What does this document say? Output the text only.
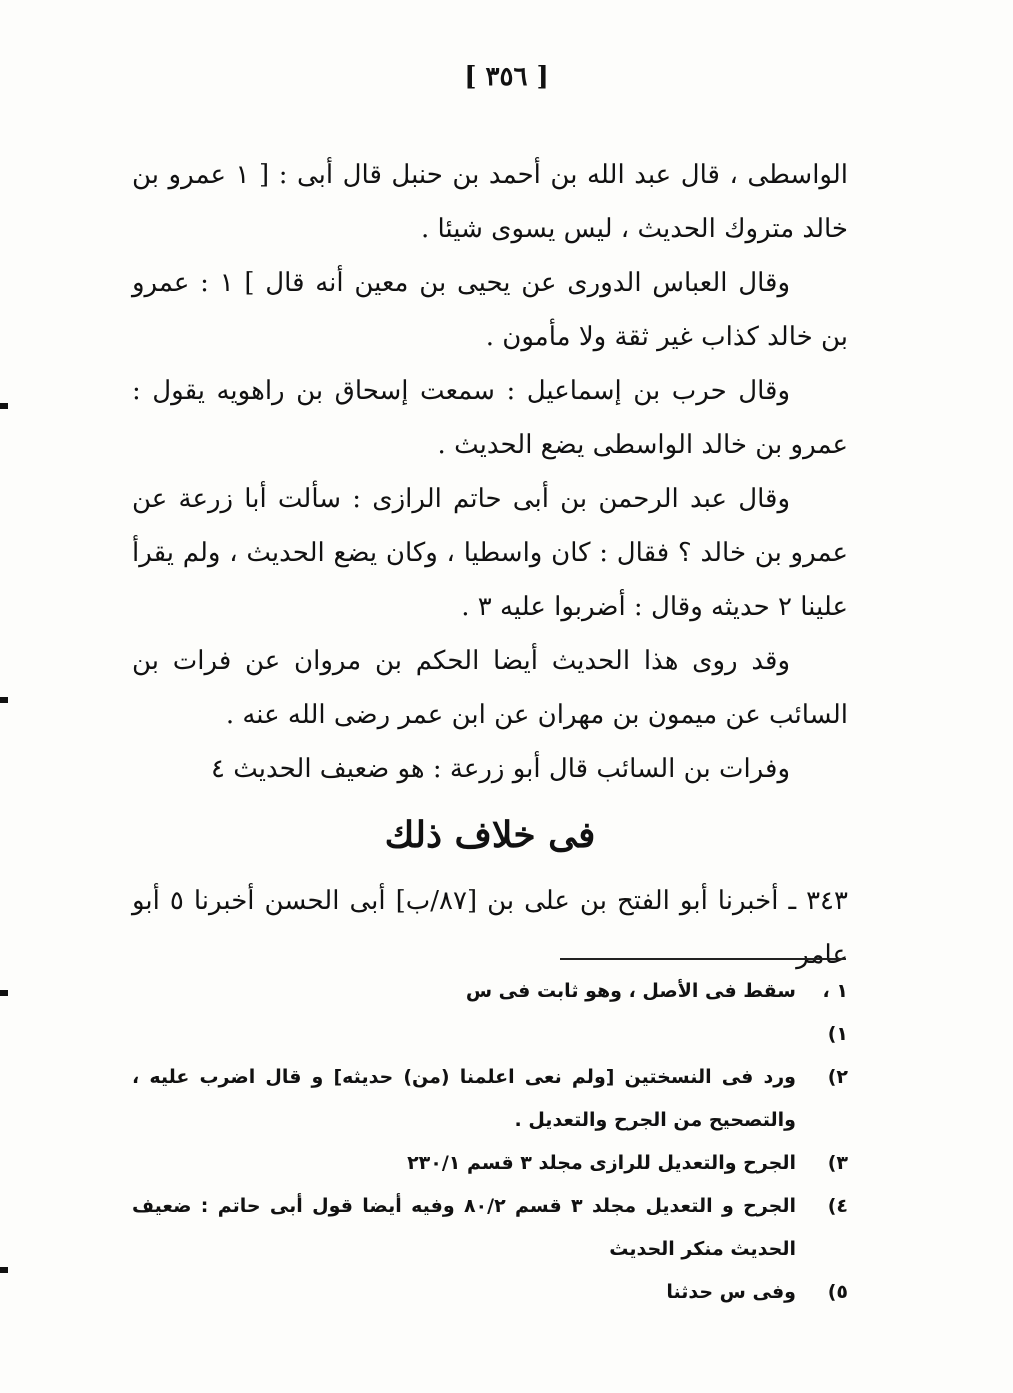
[ ٣٥٦ ]

الواسطى ، قال عبد الله بن أحمد بن حنبل قال أبى : [ ١ عمرو بن خالد متروك الحديث ، ليس يسوى شيئا .

وقال العباس الدورى عن يحيى بن معين أنه قال ] ١ : عمرو بن خالد كذاب غير ثقة ولا مأمون .

وقال حرب بن إسماعيل : سمعت إسحاق بن راهويه يقول : عمرو بن خالد الواسطى يضع الحديث .

وقال عبد الرحمن بن أبى حاتم الرازى : سألت أبا زرعة عن عمرو بن خالد ؟ فقال : كان واسطيا ، وكان يضع الحديث ، ولم يقرأ علينا ٢ حديثه وقال : أضربوا عليه ٣ .

وقد روى هذا الحديث أيضا الحكم بن مروان عن فرات بن السائب عن ميمون بن مهران عن ابن عمر رضى الله عنه .

وفرات بن السائب قال أبو زرعة : هو ضعيف الحديث ٤

فى خلاف ذلك

٣٤٣ ـ أخبرنا أبو الفتح بن على بن [٨٧/ب] أبى الحسن أخبرنا ٥ أبو عامر

١ ، ١)
سقط فى الأصل ، وهو ثابت فى س
٢)
ورد فى النسختين [ولم نعى اعلمنا (من) حديثه] و قال اضرب عليه ، والتصحيح من الجرح والتعديل .
٣)
الجرح والتعديل للرازى مجلد ٣ قسم ٢٣٠/١
٤)
الجرح و التعديل مجلد ٣ قسم ٨٠/٢ وفيه أيضا قول أبى حاتم : ضعيف الحديث منكر الحديث
٥)
وفى س حدثنا
